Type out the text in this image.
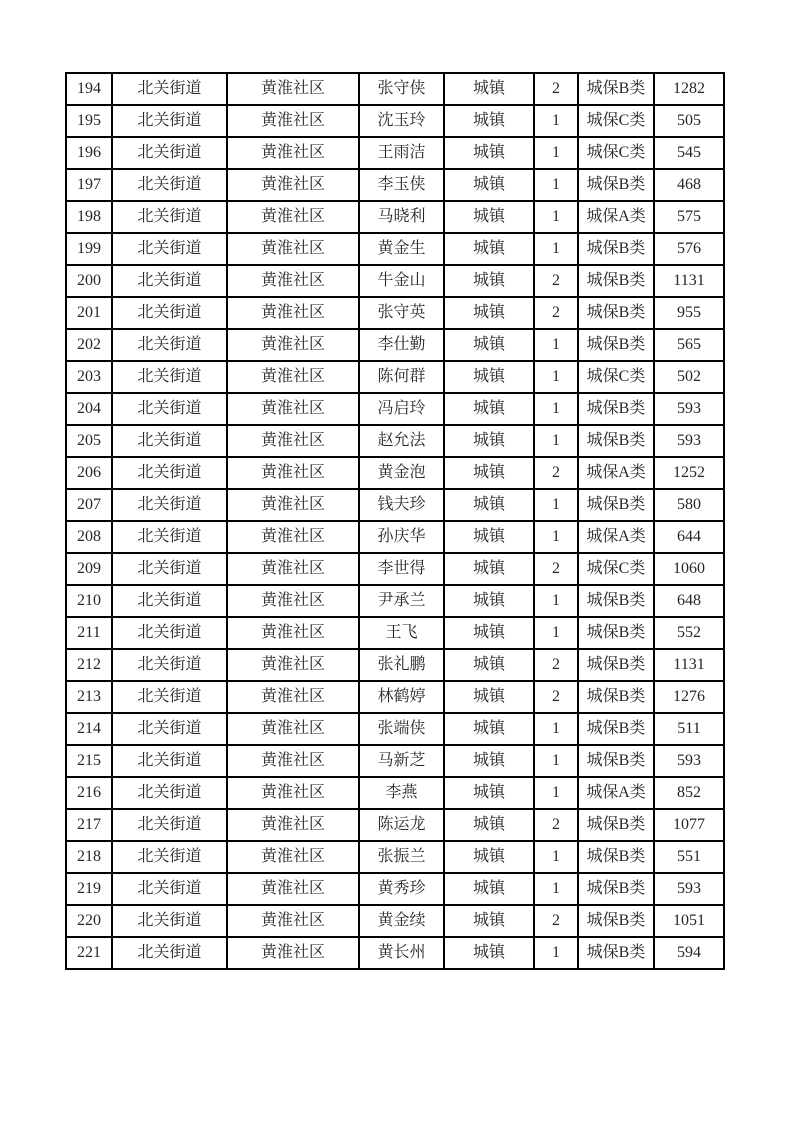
194	北关街道	黄淮社区	张守侠	城镇	2	城保B类	1282
195	北关街道	黄淮社区	沈玉玲	城镇	1	城保C类	505
196	北关街道	黄淮社区	王雨洁	城镇	1	城保C类	545
197	北关街道	黄淮社区	李玉侠	城镇	1	城保B类	468
198	北关街道	黄淮社区	马晓利	城镇	1	城保A类	575
199	北关街道	黄淮社区	黄金生	城镇	1	城保B类	576
200	北关街道	黄淮社区	牛金山	城镇	2	城保B类	1131
201	北关街道	黄淮社区	张守英	城镇	2	城保B类	955
202	北关街道	黄淮社区	李仕勤	城镇	1	城保B类	565
203	北关街道	黄淮社区	陈何群	城镇	1	城保C类	502
204	北关街道	黄淮社区	冯启玲	城镇	1	城保B类	593
205	北关街道	黄淮社区	赵允法	城镇	1	城保B类	593
206	北关街道	黄淮社区	黄金泡	城镇	2	城保A类	1252
207	北关街道	黄淮社区	钱夫珍	城镇	1	城保B类	580
208	北关街道	黄淮社区	孙庆华	城镇	1	城保A类	644
209	北关街道	黄淮社区	李世得	城镇	2	城保C类	1060
210	北关街道	黄淮社区	尹承兰	城镇	1	城保B类	648
211	北关街道	黄淮社区	王飞	城镇	1	城保B类	552
212	北关街道	黄淮社区	张礼鹏	城镇	2	城保B类	1131
213	北关街道	黄淮社区	林鹤婷	城镇	2	城保B类	1276
214	北关街道	黄淮社区	张端侠	城镇	1	城保B类	511
215	北关街道	黄淮社区	马新芝	城镇	1	城保B类	593
216	北关街道	黄淮社区	李燕	城镇	1	城保A类	852
217	北关街道	黄淮社区	陈运龙	城镇	2	城保B类	1077
218	北关街道	黄淮社区	张振兰	城镇	1	城保B类	551
219	北关街道	黄淮社区	黄秀珍	城镇	1	城保B类	593
220	北关街道	黄淮社区	黄金续	城镇	2	城保B类	1051
221	北关街道	黄淮社区	黄长州	城镇	1	城保B类	594
